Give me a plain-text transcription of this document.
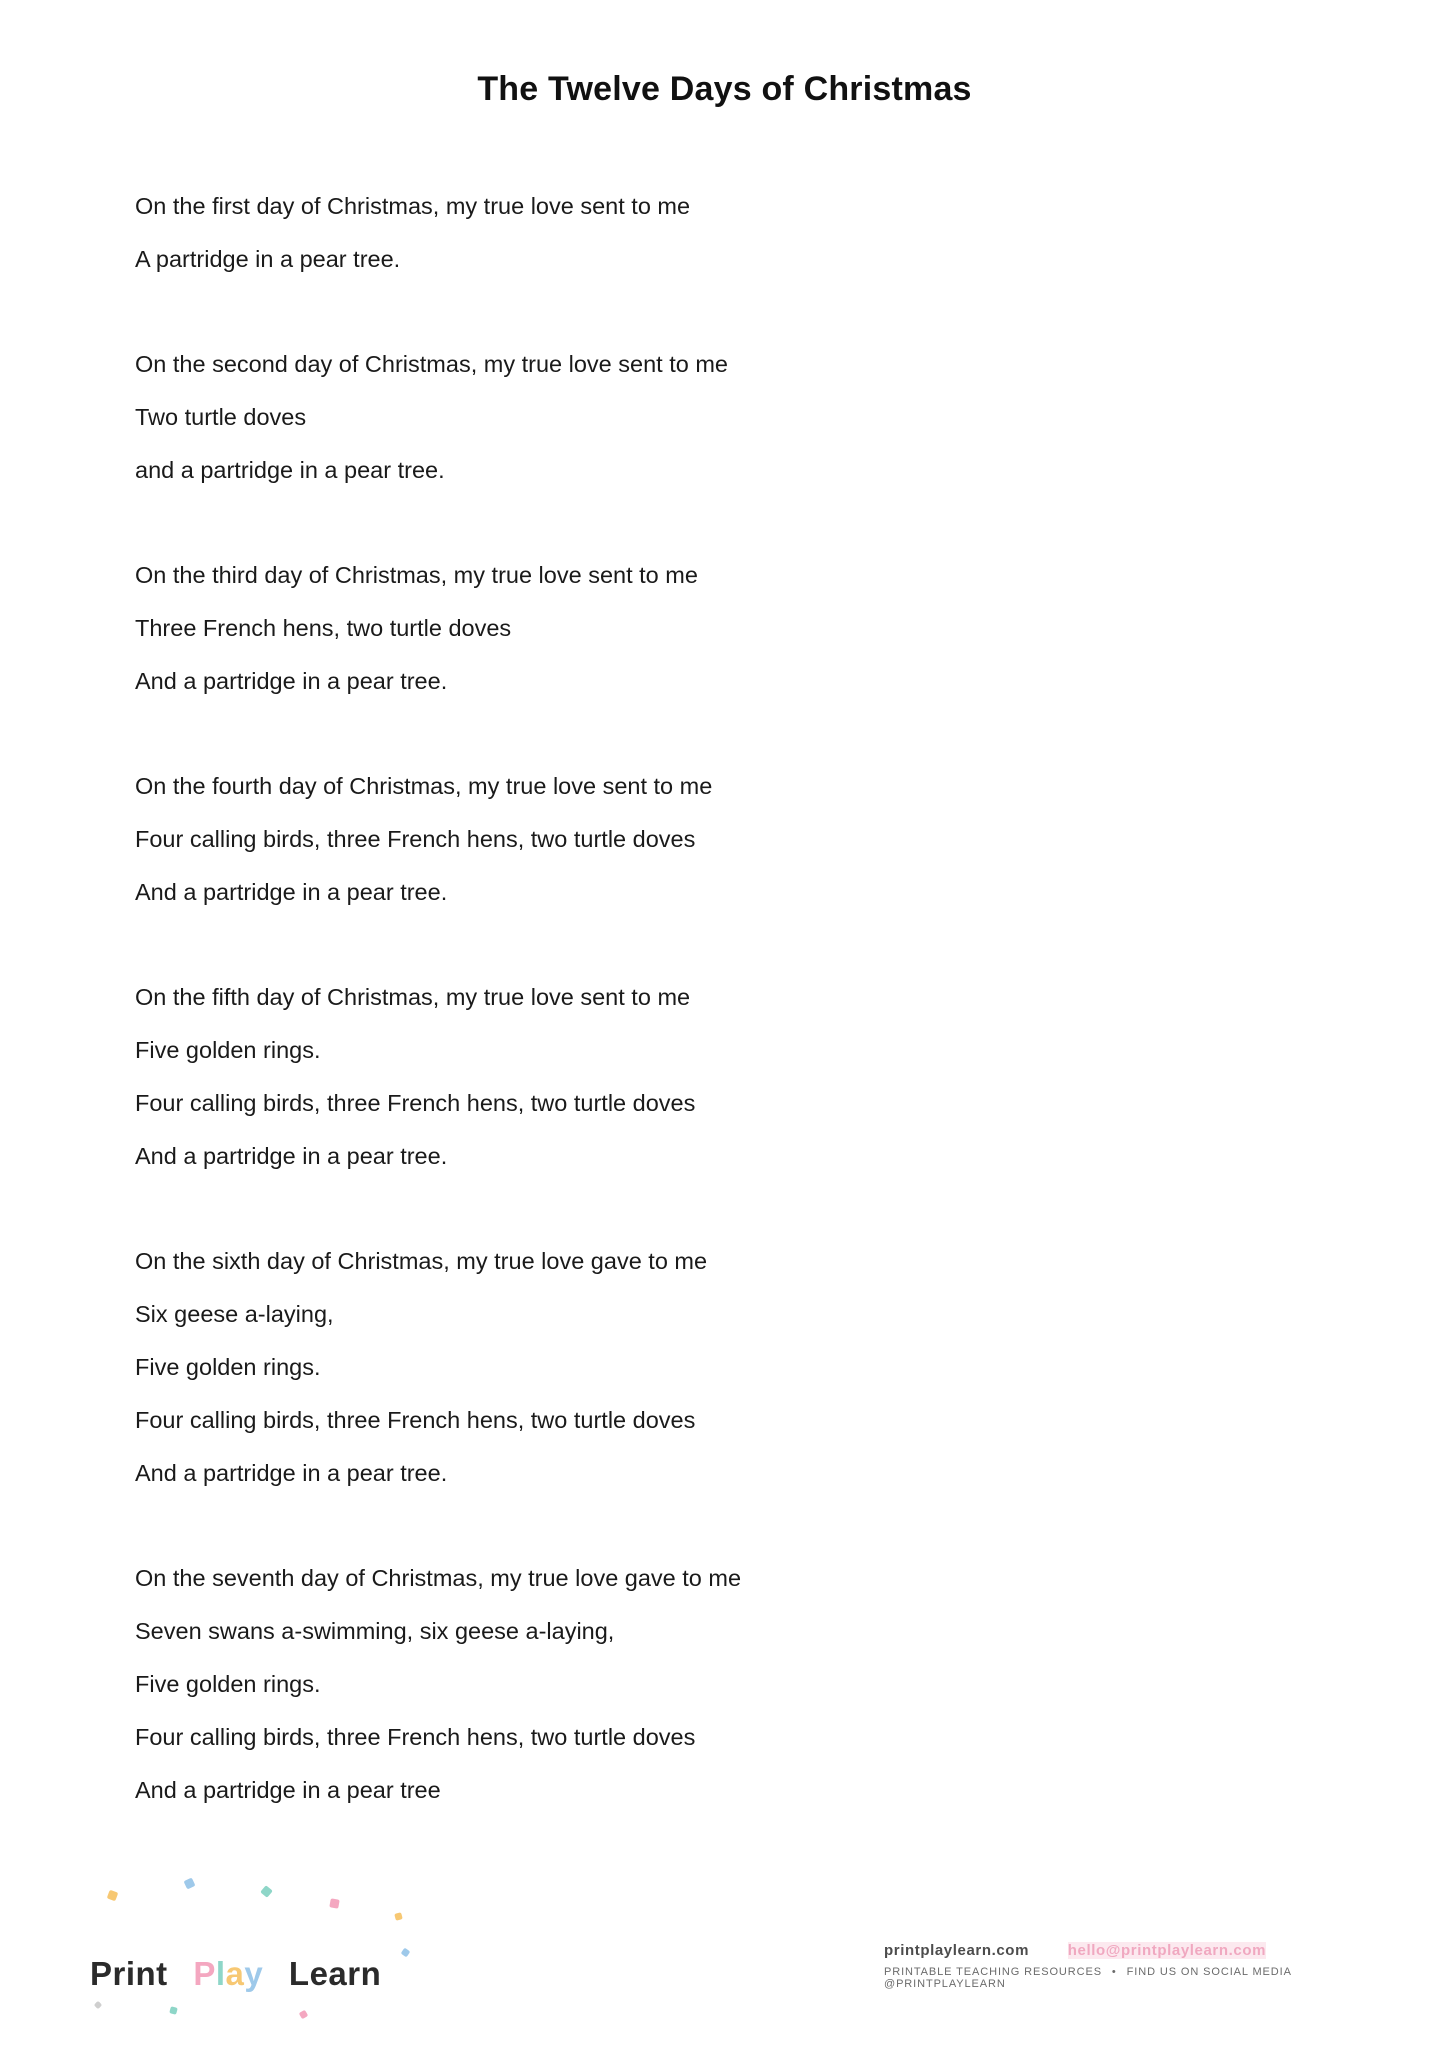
The Twelve Days of Christmas
On the first day of Christmas, my true love sent to me
A partridge in a pear tree.
On the second day of Christmas, my true love sent to me
Two turtle doves
and a partridge in a pear tree.
On the third day of Christmas, my true love sent to me
Three French hens, two turtle doves
And a partridge in a pear tree.
On the fourth day of Christmas, my true love sent to me
Four calling birds, three French hens, two turtle doves
And a partridge in a pear tree.
On the fifth day of Christmas, my true love sent to me
Five golden rings.
Four calling birds, three French hens, two turtle doves
And a partridge in a pear tree.
On the sixth day of Christmas, my true love gave to me
Six geese a-laying,
Five golden rings.
Four calling birds, three French hens, two turtle doves
And a partridge in a pear tree.
On the seventh day of Christmas, my true love gave to me
Seven swans a-swimming, six geese a-laying,
Five golden rings.
Four calling birds, three French hens, two turtle doves
And a partridge in a pear tree
Print Play Learn
printplaylearn.com	hello@printplaylearn.com
PRINTABLE TEACHING RESOURCES • FIND US ON SOCIAL MEDIA @PRINTPLAYLEARN
